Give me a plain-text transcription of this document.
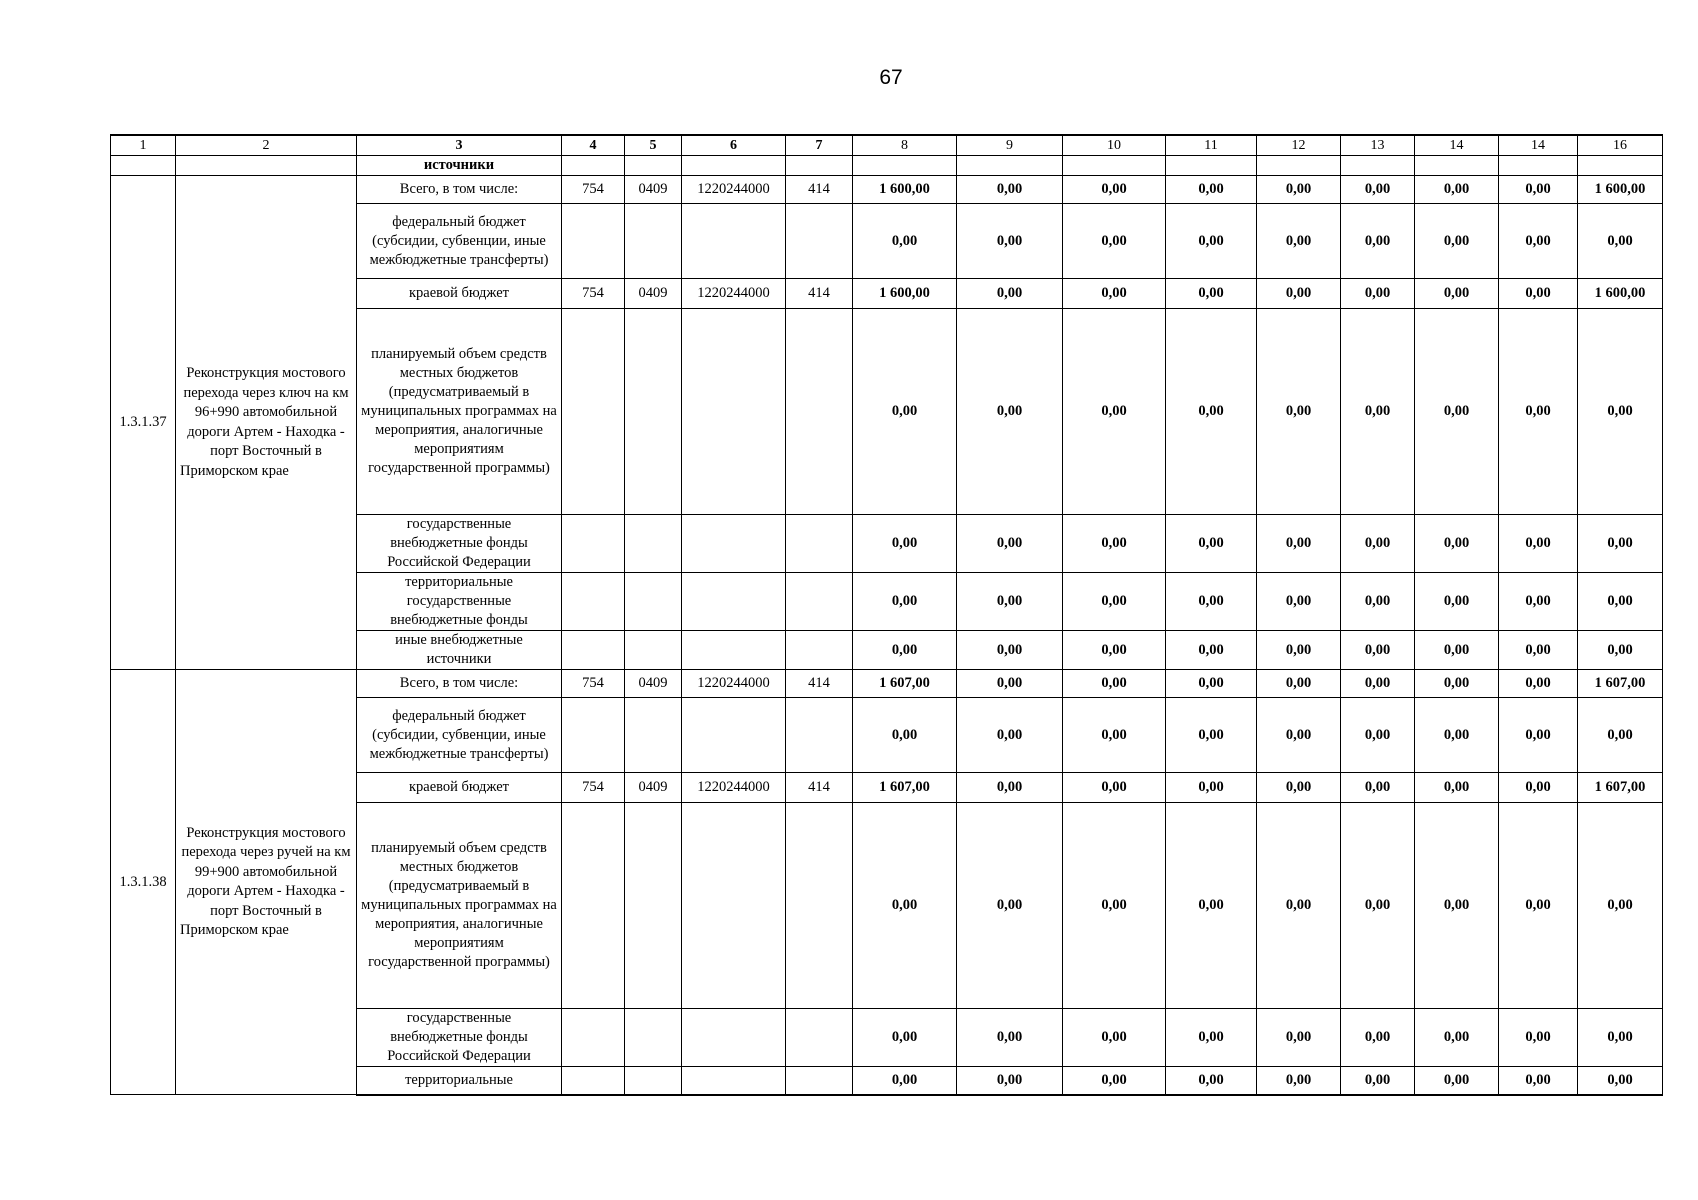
67
1	2	3	4	5	6	7	8	9	10	11	12	13	14	14	16
		источники													
1.3.1.37	Реконструкция мостового перехода через ключ на км 96+990 автомобильной дороги Артем - Находка - порт Восточный в Приморском крае	Всего, в том числе:	754	0409	1220244000	414	1 600,00	0,00	0,00	0,00	0,00	0,00	0,00	0,00	1 600,00
		федеральный бюджет (субсидии, субвенции, иные межбюджетные трансферты)					0,00	0,00	0,00	0,00	0,00	0,00	0,00	0,00	0,00
		краевой бюджет	754	0409	1220244000	414	1 600,00	0,00	0,00	0,00	0,00	0,00	0,00	0,00	1 600,00
		планируемый объем средств местных бюджетов (предусматриваемый в муниципальных программах на мероприятия, аналогичные мероприятиям государственной программы)					0,00	0,00	0,00	0,00	0,00	0,00	0,00	0,00	0,00
		государственные внебюджетные фонды Российской Федерации					0,00	0,00	0,00	0,00	0,00	0,00	0,00	0,00	0,00
		территориальные государственные внебюджетные фонды					0,00	0,00	0,00	0,00	0,00	0,00	0,00	0,00	0,00
		иные внебюджетные источники					0,00	0,00	0,00	0,00	0,00	0,00	0,00	0,00	0,00
1.3.1.38	Реконструкция мостового перехода через ручей на км 99+900 автомобильной дороги Артем - Находка - порт Восточный в Приморском крае	Всего, в том числе:	754	0409	1220244000	414	1 607,00	0,00	0,00	0,00	0,00	0,00	0,00	0,00	1 607,00
		федеральный бюджет (субсидии, субвенции, иные межбюджетные трансферты)					0,00	0,00	0,00	0,00	0,00	0,00	0,00	0,00	0,00
		краевой бюджет	754	0409	1220244000	414	1 607,00	0,00	0,00	0,00	0,00	0,00	0,00	0,00	1 607,00
		планируемый объем средств местных бюджетов (предусматриваемый в муниципальных программах на мероприятия, аналогичные мероприятиям государственной программы)					0,00	0,00	0,00	0,00	0,00	0,00	0,00	0,00	0,00
		государственные внебюджетные фонды Российской Федерации					0,00	0,00	0,00	0,00	0,00	0,00	0,00	0,00	0,00
		территориальные					0,00	0,00	0,00	0,00	0,00	0,00	0,00	0,00	0,00
